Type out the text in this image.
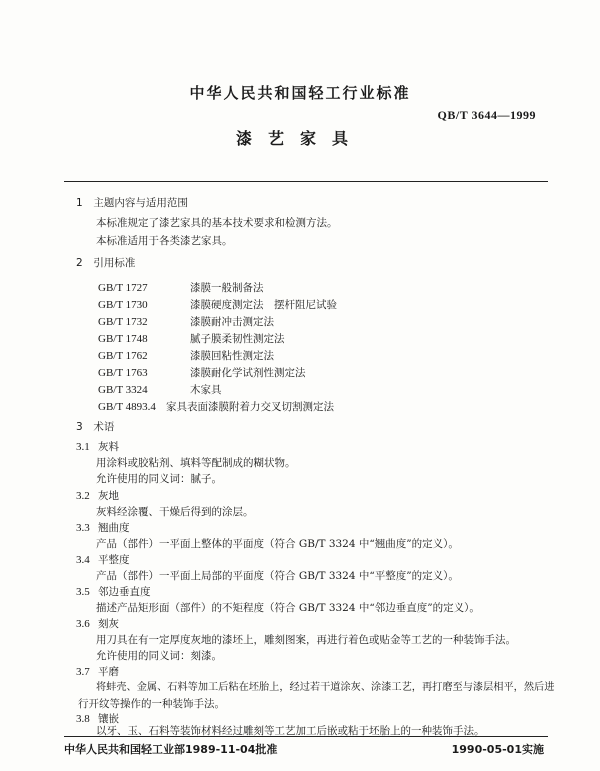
中华人民共和国轻工行业标准
QB/T 3644—1999
漆艺家具
1 主题内容与适用范围
本标准规定了漆艺家具的基本技术要求和检测方法。
本标准适用于各类漆艺家具。
2 引用标准
GB/T 1727	漆膜一般制备法
GB/T 1730	漆膜硬度测定法　摆杆阻尼试验
GB/T 1732	漆膜耐冲击测定法
GB/T 1748	腻子膜柔韧性测定法
GB/T 1762	漆膜回粘性测定法
GB/T 1763	漆膜耐化学试剂性测定法
GB/T 3324	木家具
GB/T 4893.4 家具表面漆膜附着力交叉切割测定法
3 术语
3.1 灰料
用涂料或胶粘剂、填料等配制成的糊状物。
允许使用的同义词：腻子。
3.2 灰地
灰料经涂覆、干燥后得到的涂层。
3.3 翘曲度
产品（部件）一平面上整体的平面度（符合 GB/T 3324 中“翘曲度”的定义）。
3.4 平整度
产品（部件）一平面上局部的平面度（符合 GB/T 3324 中“平整度”的定义）。
3.5 邻边垂直度
描述产品矩形面（部件）的不矩程度（符合 GB/T 3324 中“邻边垂直度”的定义）。
3.6 刻灰
用刀具在有一定厚度灰地的漆坯上，雕刻图案，再进行着色或贴金等工艺的一种装饰手法。
允许使用的同义词：刻漆。
3.7 平磨
将蚌壳、金属、石料等加工后粘在坯胎上，经过若干道涂灰、涂漆工艺，再打磨至与漆层相平，然后进
行开纹等操作的一种装饰手法。
3.8 镶嵌
以牙、玉、石料等装饰材料经过雕刻等工艺加工后嵌或粘于坯胎上的一种装饰手法。
中华人民共和国轻工业部1989-11-04批准	1990-05-01实施
